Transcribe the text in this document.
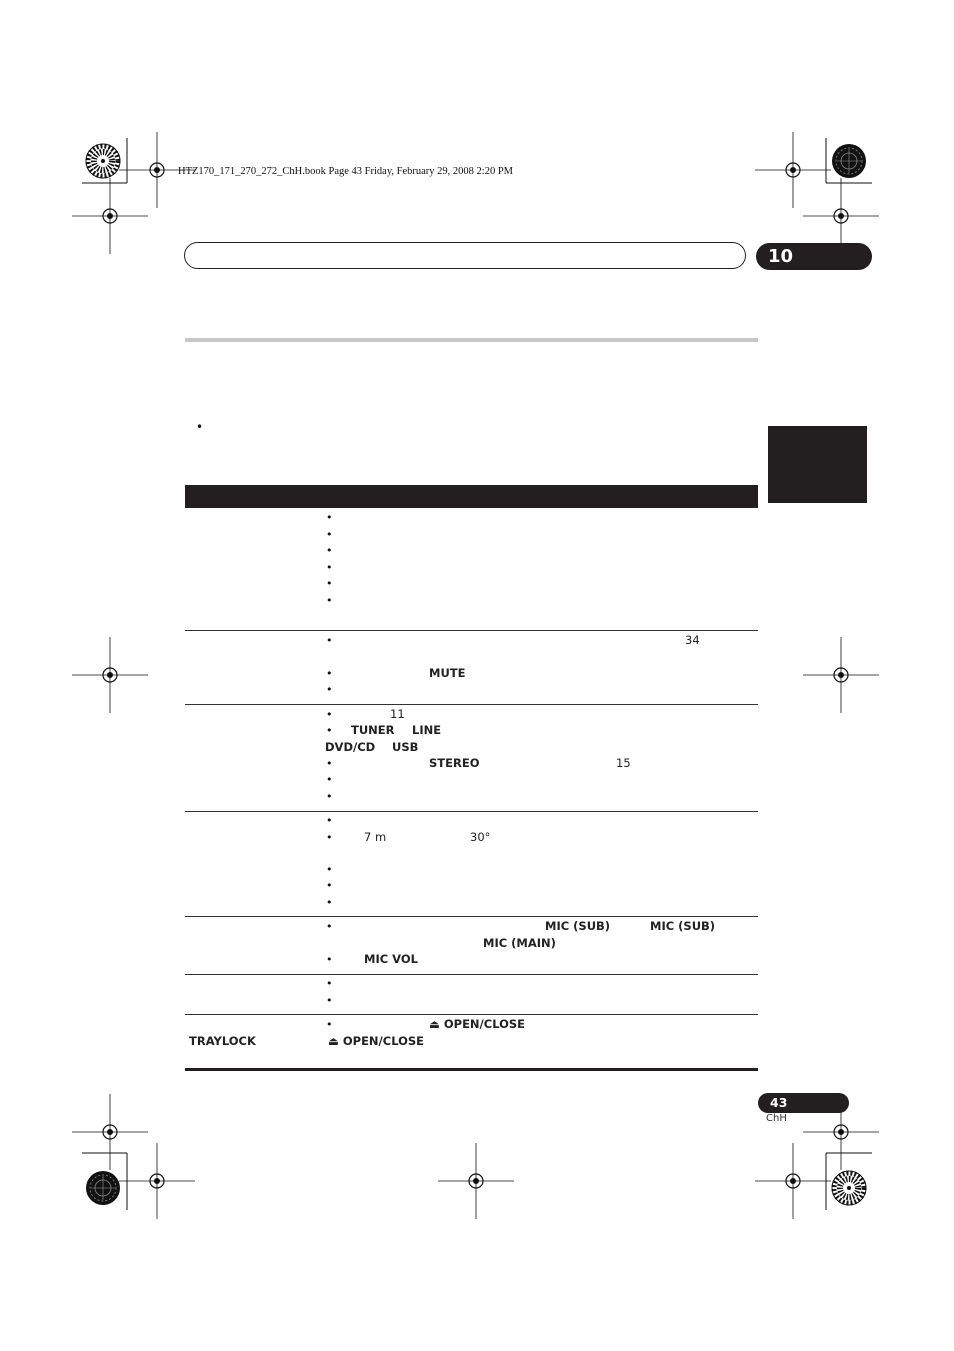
HTZ170_171_270_272_ChH.book Page 43 Friday, February 29, 2008 2:20 PM
10
•
•
•
•
•
•
•
•	34
•	MUTE
•
•	11
• TUNER LINE
DVD/CD USB
•	STEREO	15
•
•
•
•	7 m	30°
•
•
•
•	MIC (SUB)	MIC (SUB)
MIC (MAIN)
•	MIC VOL
•
•
•	⏏ OPEN/CLOSE
TRAYLOCK	⏏ OPEN/CLOSE
43
ChH
